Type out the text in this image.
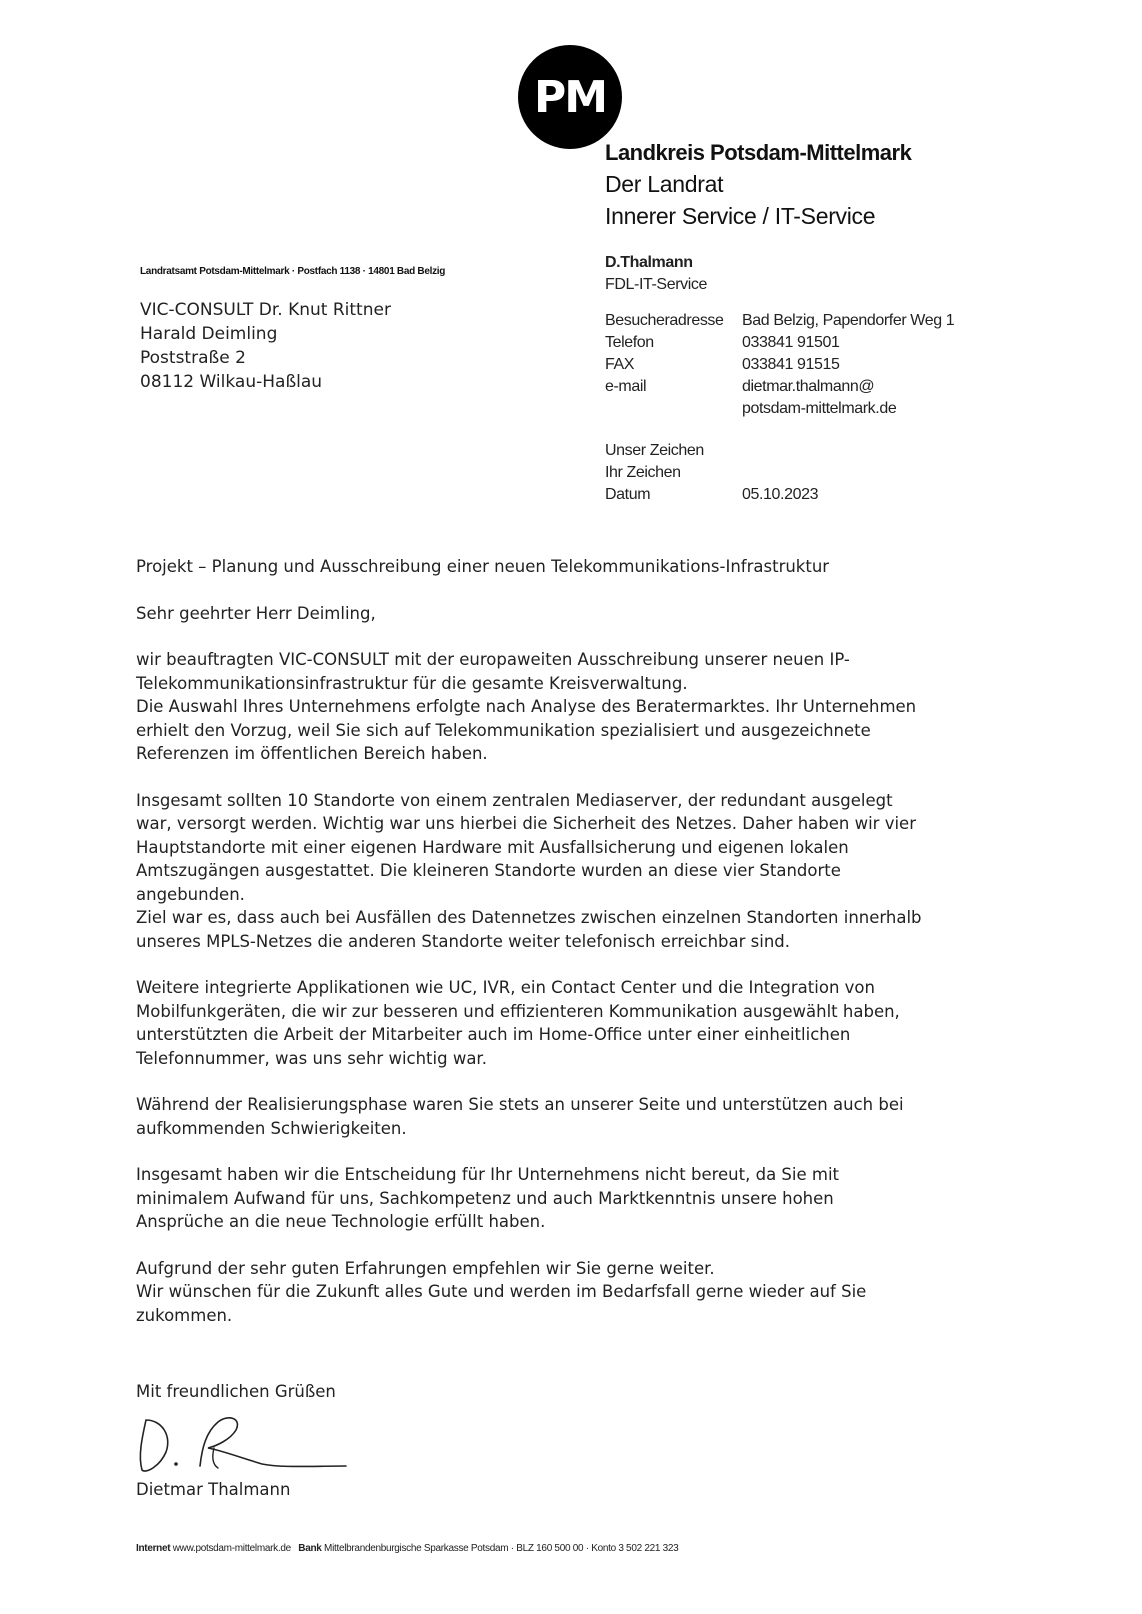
PM
Landkreis Potsdam-Mittelmark
Der Landrat
Innerer Service / IT-Service
Landratsamt Potsdam-Mittelmark · Postfach 1138 · 14801 Bad Belzig
VIC-CONSULT Dr. Knut Rittner
Harald Deimling
Poststraße 2
08112 Wilkau-Haßlau
D.Thalmann
FDL-IT-Service
Besucheradresse Bad Belzig, Papendorfer Weg 1
Telefon	033841 91501
FAX	033841 91515
e-mail	dietmar.thalmann@
potsdam-mittelmark.de
Unser Zeichen
Ihr Zeichen
Datum	05.10.2023

Projekt – Planung und Ausschreibung einer neuen Telekommunikations-Infrastruktur

Sehr geehrter Herr Deimling,

wir beauftragten VIC-CONSULT mit der europaweiten Ausschreibung unserer neuen IP-
Telekommunikationsinfrastruktur für die gesamte Kreisverwaltung.
Die Auswahl Ihres Unternehmens erfolgte nach Analyse des Beratermarktes. Ihr Unternehmen
erhielt den Vorzug, weil Sie sich auf Telekommunikation spezialisiert und ausgezeichnete
Referenzen im öffentlichen Bereich haben.

Insgesamt sollten 10 Standorte von einem zentralen Mediaserver, der redundant ausgelegt
war, versorgt werden. Wichtig war uns hierbei die Sicherheit des Netzes. Daher haben wir vier
Hauptstandorte mit einer eigenen Hardware mit Ausfallsicherung und eigenen lokalen
Amtszugängen ausgestattet. Die kleineren Standorte wurden an diese vier Standorte
angebunden.
Ziel war es, dass auch bei Ausfällen des Datennetzes zwischen einzelnen Standorten innerhalb
unseres MPLS-Netzes die anderen Standorte weiter telefonisch erreichbar sind.

Weitere integrierte Applikationen wie UC, IVR, ein Contact Center und die Integration von
Mobilfunkgeräten, die wir zur besseren und effizienteren Kommunikation ausgewählt haben,
unterstützten die Arbeit der Mitarbeiter auch im Home-Office unter einer einheitlichen
Telefonnummer, was uns sehr wichtig war.

Während der Realisierungsphase waren Sie stets an unserer Seite und unterstützen auch bei
aufkommenden Schwierigkeiten.

Insgesamt haben wir die Entscheidung für Ihr Unternehmens nicht bereut, da Sie mit
minimalem Aufwand für uns, Sachkompetenz und auch Marktkenntnis unsere hohen
Ansprüche an die neue Technologie erfüllt haben.

Aufgrund der sehr guten Erfahrungen empfehlen wir Sie gerne weiter.
Wir wünschen für die Zukunft alles Gute und werden im Bedarfsfall gerne wieder auf Sie
zukommen.

Mit freundlichen Grüßen
Dietmar Thalmann
Internet www.potsdam-mittelmark.de Bank Mittelbrandenburgische Sparkasse Potsdam · BLZ 160 500 00 · Konto 3 502 221 323
